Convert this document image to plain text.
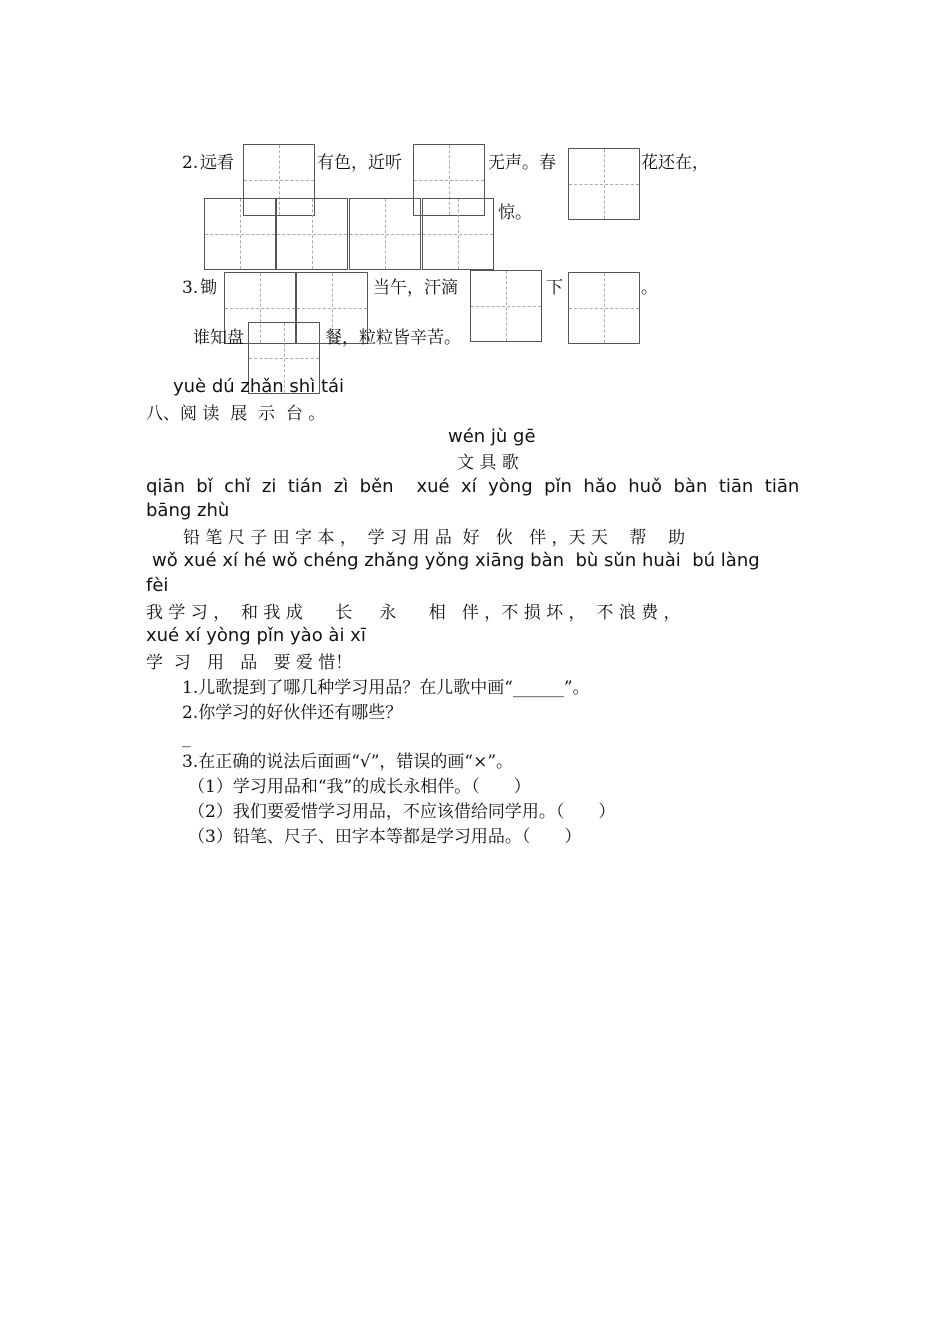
2. 远看	有色，近听	无声。春	花还在，
惊。
3. 锄	当午，汗滴	下	。
谁知盘	餐，粒粒皆辛苦。
yuè dú zhǎn shì tái
八、阅 读  展  示  台 。
wén jù gē
文 具 歌
qiān  bǐ  chǐ  zi  tián  zì  běn    xué  xí  yòng  pǐn  hǎo  huǒ  bàn  tiān  tiān
bāng zhù
铅 笔 尺 子 田 字 本 ，  学 习 用 品  好   伙   伴 ，天 天    帮    助
wǒ xué xí hé wǒ chéng zhǎng yǒng xiāng bàn  bù sǔn huài  bú làng
fèi
我 学 习 ，  和 我 成      长     永      相   伴 ，不 损 坏 ，  不 浪 费 ，
xué xí yòng pǐn yào ài xī
学  习   用   品   要 爱 惜！
1.儿歌提到了哪几种学习用品？在儿歌中画“______”。
2.你学习的好伙伴还有哪些？
_
3.在正确的说法后面画“√”，错误的画“×”。
（1）学习用品和“我”的成长永相伴。（　　）
（2）我们要爱惜学习用品，不应该借给同学用。（　　）
（3）铅笔、尺子、田字本等都是学习用品。（　　）
